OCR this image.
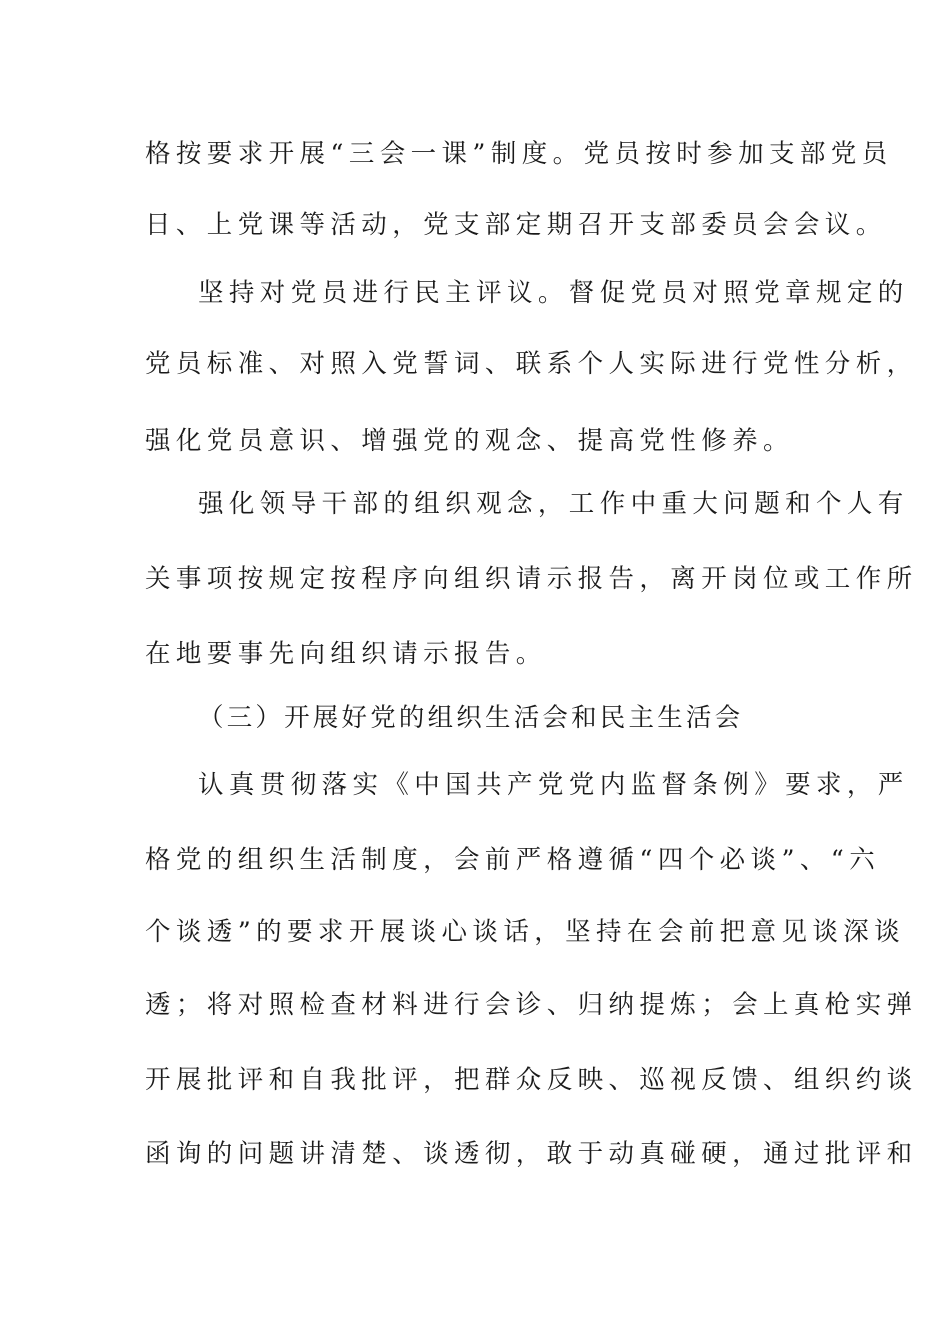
格按要求开展“三会一课”制度。党员按时参加支部党员
日、上党课等活动，党支部定期召开支部委员会会议。
坚持对党员进行民主评议。督促党员对照党章规定的
党员标准、对照入党誓词、联系个人实际进行党性分析，
强化党员意识、增强党的观念、提高党性修养。
强化领导干部的组织观念，工作中重大问题和个人有
关事项按规定按程序向组织请示报告，离开岗位或工作所
在地要事先向组织请示报告。
（三）开展好党的组织生活会和民主生活会
认真贯彻落实《中国共产党党内监督条例》要求，严
格党的组织生活制度，会前严格遵循“四个必谈”、“六
个谈透”的要求开展谈心谈话，坚持在会前把意见谈深谈
透；将对照检查材料进行会诊、归纳提炼；会上真枪实弹
开展批评和自我批评，把群众反映、巡视反馈、组织约谈
函询的问题讲清楚、谈透彻，敢于动真碰硬，通过批评和
